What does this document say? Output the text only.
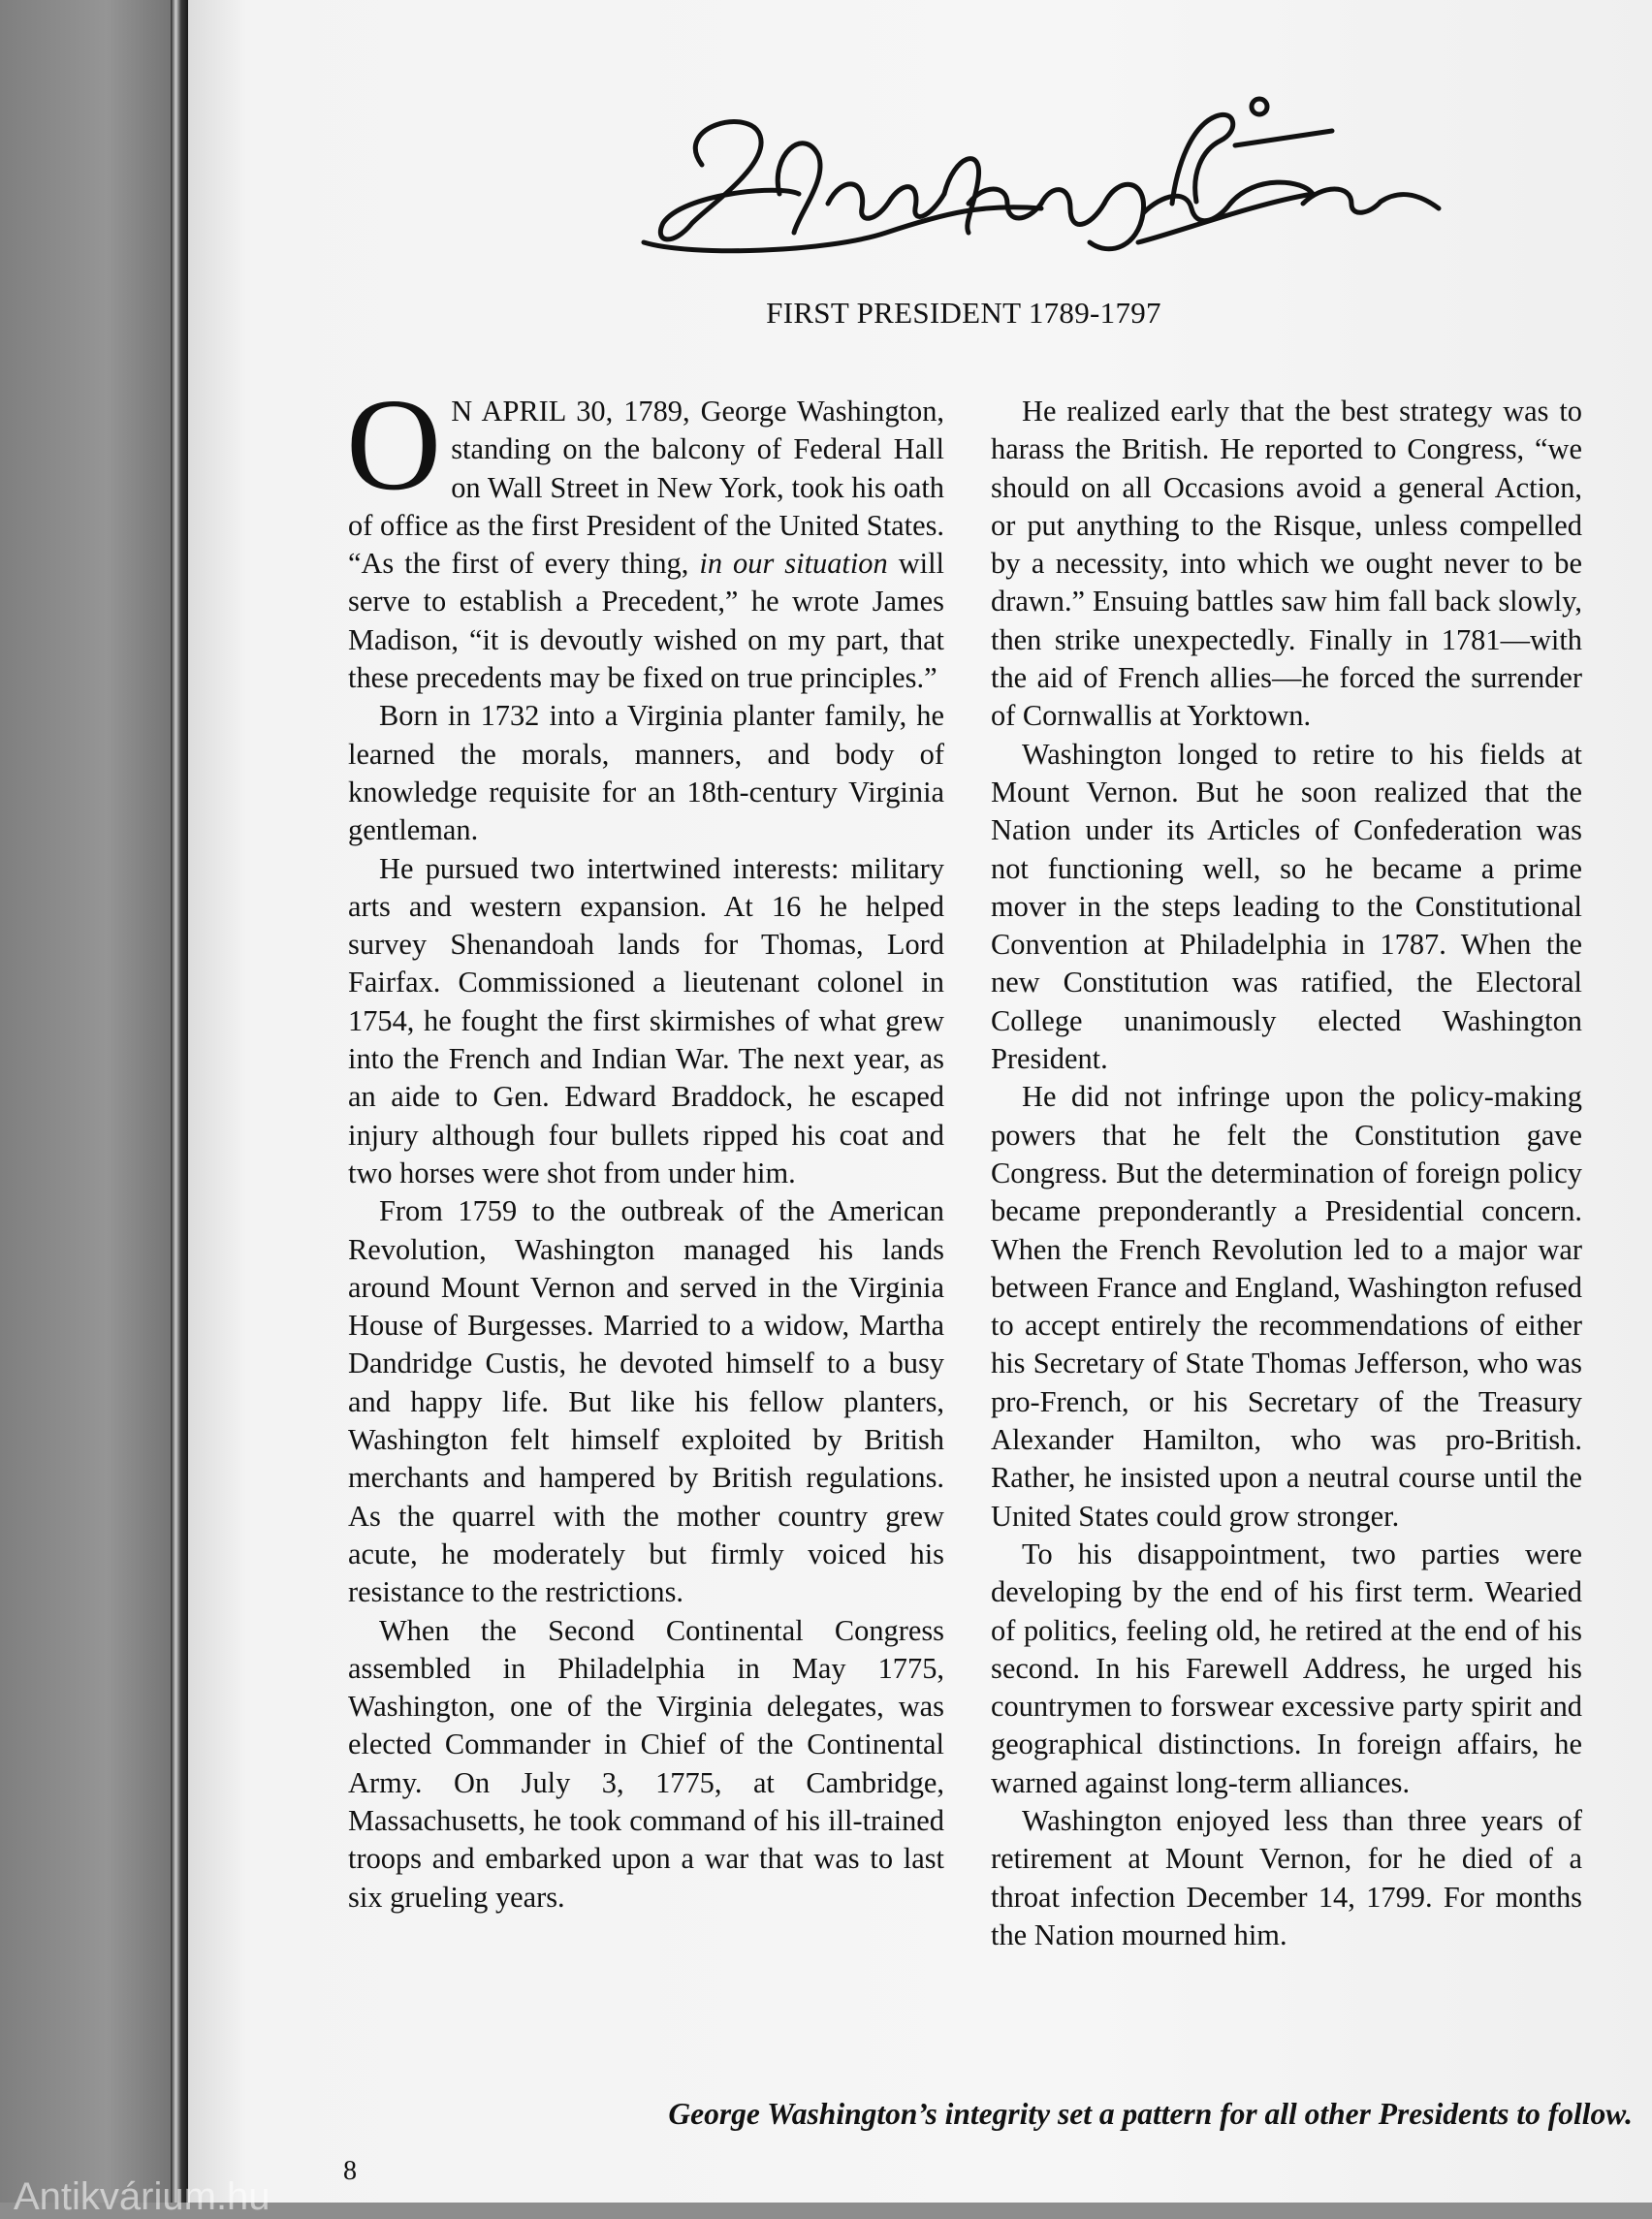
FIRST PRESIDENT 1789-1797

O N APRIL 30, 1789, George Washington, standing on the balcony of Federal Hall on Wall Street in New York, took his oath of office as the first President of the United States. “As the first of every thing, in our situation will serve to establish a Precedent,” he wrote James Madison, “it is devoutly wished on my part, that these precedents may be fixed on true principles.”

Born in 1732 into a Virginia planter family, he learned the morals, manners, and body of knowledge requisite for an 18th-century Virginia gentleman.

He pursued two intertwined interests: military arts and western expansion. At 16 he helped survey Shenandoah lands for Thomas, Lord Fairfax. Commissioned a lieutenant colonel in 1754, he fought the first skirmishes of what grew into the French and Indian War. The next year, as an aide to Gen. Edward Braddock, he escaped injury although four bullets ripped his coat and two horses were shot from under him.

From 1759 to the outbreak of the American Revolution, Washington managed his lands around Mount Vernon and served in the Virginia House of Burgesses. Married to a widow, Martha Dandridge Custis, he devoted himself to a busy and happy life. But like his fellow planters, Washington felt himself exploited by British merchants and hampered by British regulations. As the quarrel with the mother country grew acute, he moderately but firmly voiced his resistance to the restrictions.

When the Second Continental Congress assembled in Philadelphia in May 1775, Washington, one of the Virginia delegates, was elected Commander in Chief of the Continental Army. On July 3, 1775, at Cambridge, Massachusetts, he took command of his ill-trained troops and embarked upon a war that was to last six grueling years.

He realized early that the best strategy was to harass the British. He reported to Congress, “we should on all Occasions avoid a general Action, or put anything to the Risque, unless compelled by a necessity, into which we ought never to be drawn.” Ensuing battles saw him fall back slowly, then strike unexpectedly. Finally in 1781—with the aid of French allies—he forced the surrender of Cornwallis at Yorktown.

Washington longed to retire to his fields at Mount Vernon. But he soon realized that the Nation under its Articles of Confederation was not functioning well, so he became a prime mover in the steps leading to the Constitutional Convention at Philadelphia in 1787. When the new Constitution was ratified, the Electoral College unanimously elected Washington President.

He did not infringe upon the policy-making powers that he felt the Constitution gave Congress. But the determination of foreign policy became preponderantly a Presidential concern. When the French Revolution led to a major war between France and England, Washington refused to accept entirely the recommendations of either his Secretary of State Thomas Jefferson, who was pro-French, or his Secretary of the Treasury Alexander Hamilton, who was pro-British. Rather, he insisted upon a neutral course until the United States could grow stronger.

To his disappointment, two parties were developing by the end of his first term. Wearied of politics, feeling old, he retired at the end of his second. In his Farewell Address, he urged his countrymen to forswear excessive party spirit and geographical distinctions. In foreign affairs, he warned against long-term alliances.

Washington enjoyed less than three years of retirement at Mount Vernon, for he died of a throat infection December 14, 1799. For months the Nation mourned him.

George Washington’s integrity set a pattern for all other Presidents to follow.
8
Antikvárium.hu
